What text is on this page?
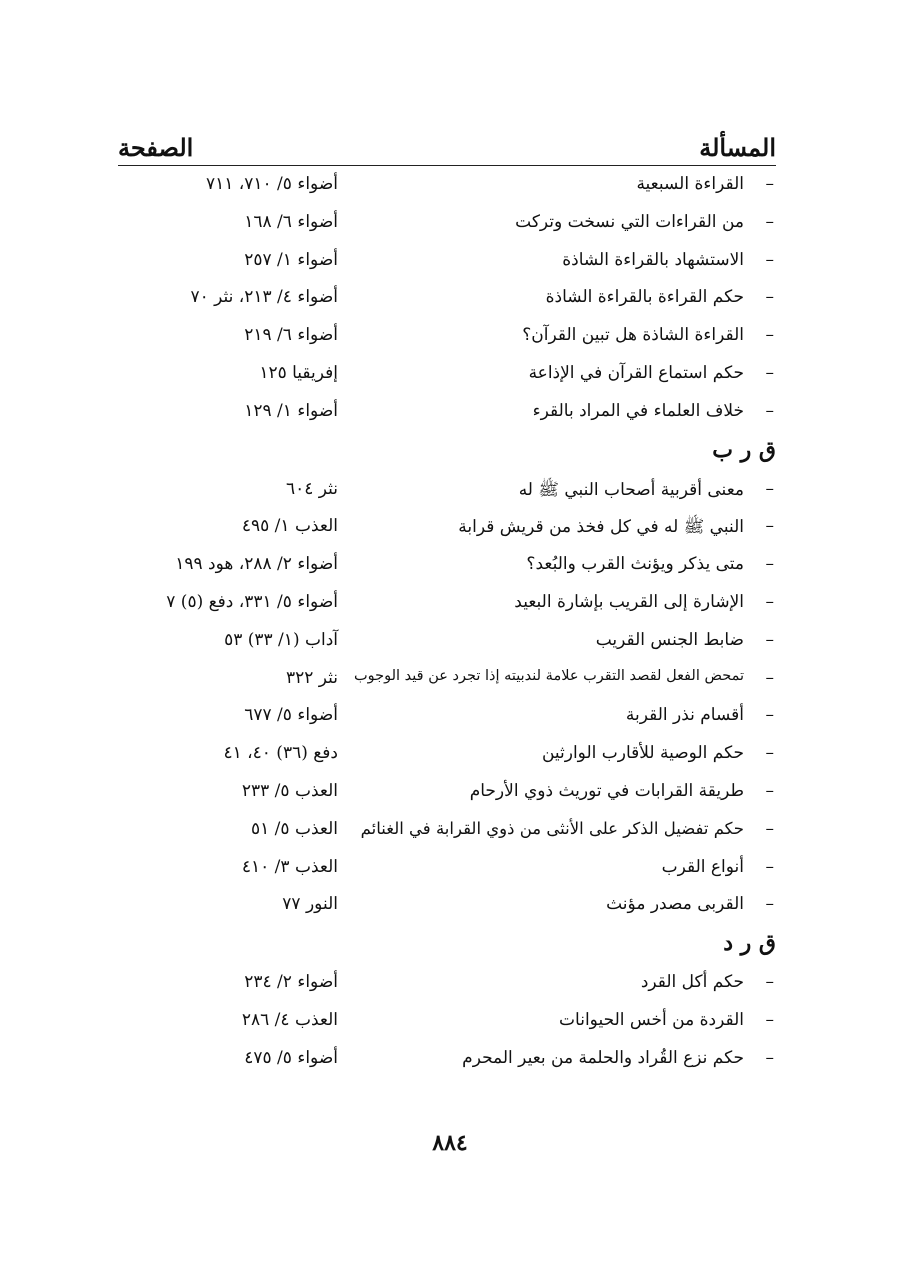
المسألة
الصفحة
–
القراءة السبعية
أضواء ٥/ ٧١٠، ٧١١
–
من القراءات التي نسخت وتركت
أضواء ٦/ ١٦٨
–
الاستشهاد بالقراءة الشاذة
أضواء ١/ ٢٥٧
–
حكم القراءة بالقراءة الشاذة
أضواء ٤/ ٢١٣، نثر ٧٠
–
القراءة الشاذة هل تبين القرآن؟
أضواء ٦/ ٢١٩
–
حكم استماع القرآن في الإذاعة
إفريقيا ١٢٥
–
خلاف العلماء في المراد بالقرء
أضواء ١/ ١٢٩
ق ر ب
–
معنى أقربية أصحاب النبي ﷺ له
نثر ٦٠٤
–
النبي ﷺ له في كل فخذ من قريش قرابة
العذب ١/ ٤٩٥
–
متى يذكر ويؤنث القرب والبُعد؟
أضواء ٢/ ٢٨٨، هود ١٩٩
–
الإشارة إلى القريب بإشارة البعيد
أضواء ٥/ ٣٣١، دفع (٥) ٧
–
ضابط الجنس القريب
آداب (١/ ٣٣) ٥٣
–
تمحض الفعل لقصد التقرب علامة لندبيته إذا تجرد عن قيد الوجوب
نثر ٣٢٢
–
أقسام نذر القربة
أضواء ٥/ ٦٧٧
–
حكم الوصية للأقارب الوارثين
دفع (٣٦) ٤٠، ٤١
–
طريقة القرابات في توريث ذوي الأرحام
العذب ٥/ ٢٣٣
–
حكم تفضيل الذكر على الأنثى من ذوي القرابة في الغنائم
العذب ٥/ ٥١
–
أنواع القرب
العذب ٣/ ٤١٠
–
القربى مصدر مؤنث
النور ٧٧
ق ر د
–
حكم أكل القرد
أضواء ٢/ ٢٣٤
–
القردة من أخس الحيوانات
العذب ٤/ ٢٨٦
–
حكم نزع القُراد والحلمة من بعير المحرم
أضواء ٥/ ٤٧٥
٨٨٤
